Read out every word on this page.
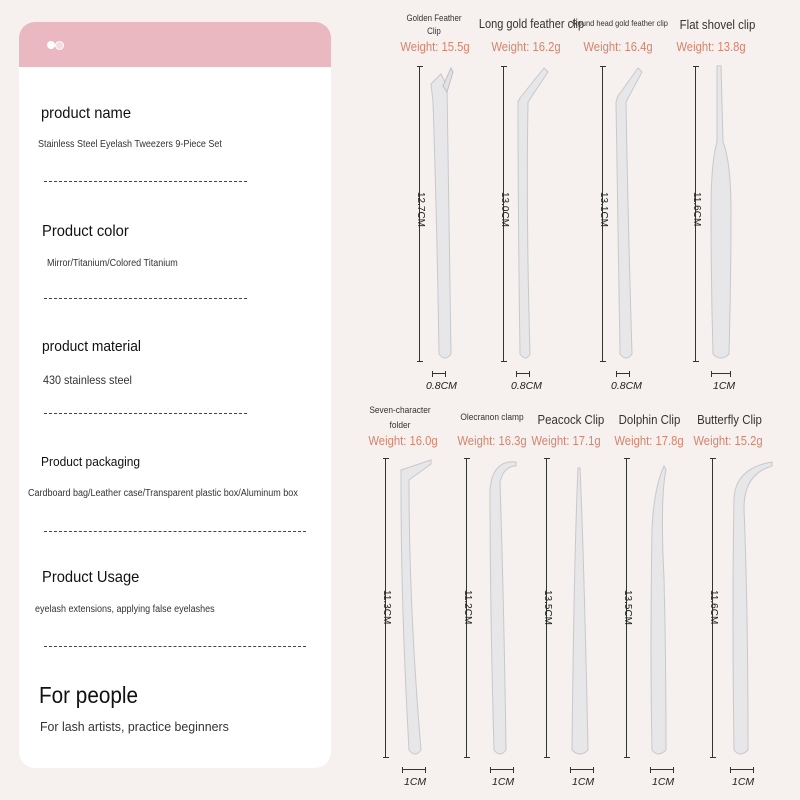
product name
Stainless Steel Eyelash Tweezers 9-Piece Set
Product color
Mirror/Titanium/Colored Titanium
product material
430 stainless steel
Product packaging
Cardboard bag/Leather case/Transparent plastic box/Aluminum box
Product Usage
eyelash extensions, applying false eyelashes
For people
For lash artists, practice beginners
Golden Feather Clip
Weight: 15.5g
12.7CM
0.8CM
Long gold feather clip
Weight: 16.2g
13.0CM
0.8CM
Round head gold feather clip
Weight: 16.4g
13.1CM
0.8CM
Flat shovel clip
Weight: 13.8g
11.6CM
1CM
Seven-character folder
Weight: 16.0g
11.3CM
1CM
Olecranon clamp
Weight: 16.3g
11.2CM
1CM
Peacock Clip
Weight: 17.1g
13.5CM
1CM
Dolphin Clip
Weight: 17.8g
13.5CM
1CM
Butterfly Clip
Weight: 15.2g
11.6CM
1CM
